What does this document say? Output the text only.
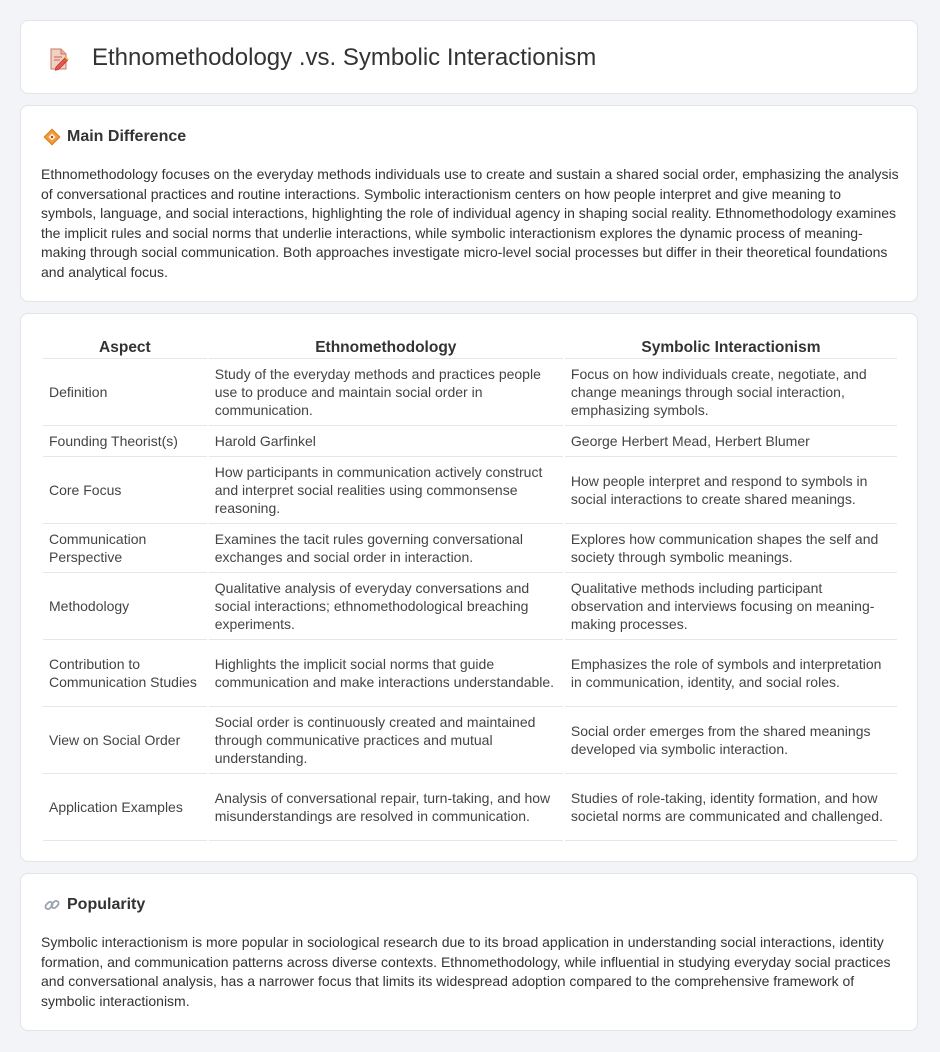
Ethnomethodology .vs. Symbolic Interactionism
Main Difference

Ethnomethodology focuses on the everyday methods individuals use to create and sustain a shared social order, emphasizing the analysis of conversational practices and routine interactions. Symbolic interactionism centers on how people interpret and give meaning to symbols, language, and social interactions, highlighting the role of individual agency in shaping social reality. Ethnomethodology examines the implicit rules and social norms that underlie interactions, while symbolic interactionism explores the dynamic process of meaning-making through social communication. Both approaches investigate micro-level social processes but differ in their theoretical foundations and analytical focus.

Aspect	Ethnomethodology	Symbolic Interactionism
Definition	Study of the everyday methods and practices people use to produce and maintain social order in communication.	Focus on how individuals create, negotiate, and change meanings through social interaction, emphasizing symbols.
Founding Theorist(s)	Harold Garfinkel	George Herbert Mead, Herbert Blumer
Core Focus	How participants in communication actively construct and interpret social realities using commonsense reasoning.	How people interpret and respond to symbols in social interactions to create shared meanings.
Communication Perspective	Examines the tacit rules governing conversational exchanges and social order in interaction.	Explores how communication shapes the self and society through symbolic meanings.
Methodology	Qualitative analysis of everyday conversations and social interactions; ethnomethodological breaching experiments.	Qualitative methods including participant observation and interviews focusing on meaning-making processes.
Contribution to Communication Studies	Highlights the implicit social norms that guide communication and make interactions understandable.	Emphasizes the role of symbols and interpretation in communication, identity, and social roles.
View on Social Order	Social order is continuously created and maintained through communicative practices and mutual understanding.	Social order emerges from the shared meanings developed via symbolic interaction.
Application Examples	Analysis of conversational repair, turn-taking, and how misunderstandings are resolved in communication.	Studies of role-taking, identity formation, and how societal norms are communicated and challenged.
Popularity

Symbolic interactionism is more popular in sociological research due to its broad application in understanding social interactions, identity formation, and communication patterns across diverse contexts. Ethnomethodology, while influential in studying everyday social practices and conversational analysis, has a narrower focus that limits its widespread adoption compared to the comprehensive framework of symbolic interactionism.
